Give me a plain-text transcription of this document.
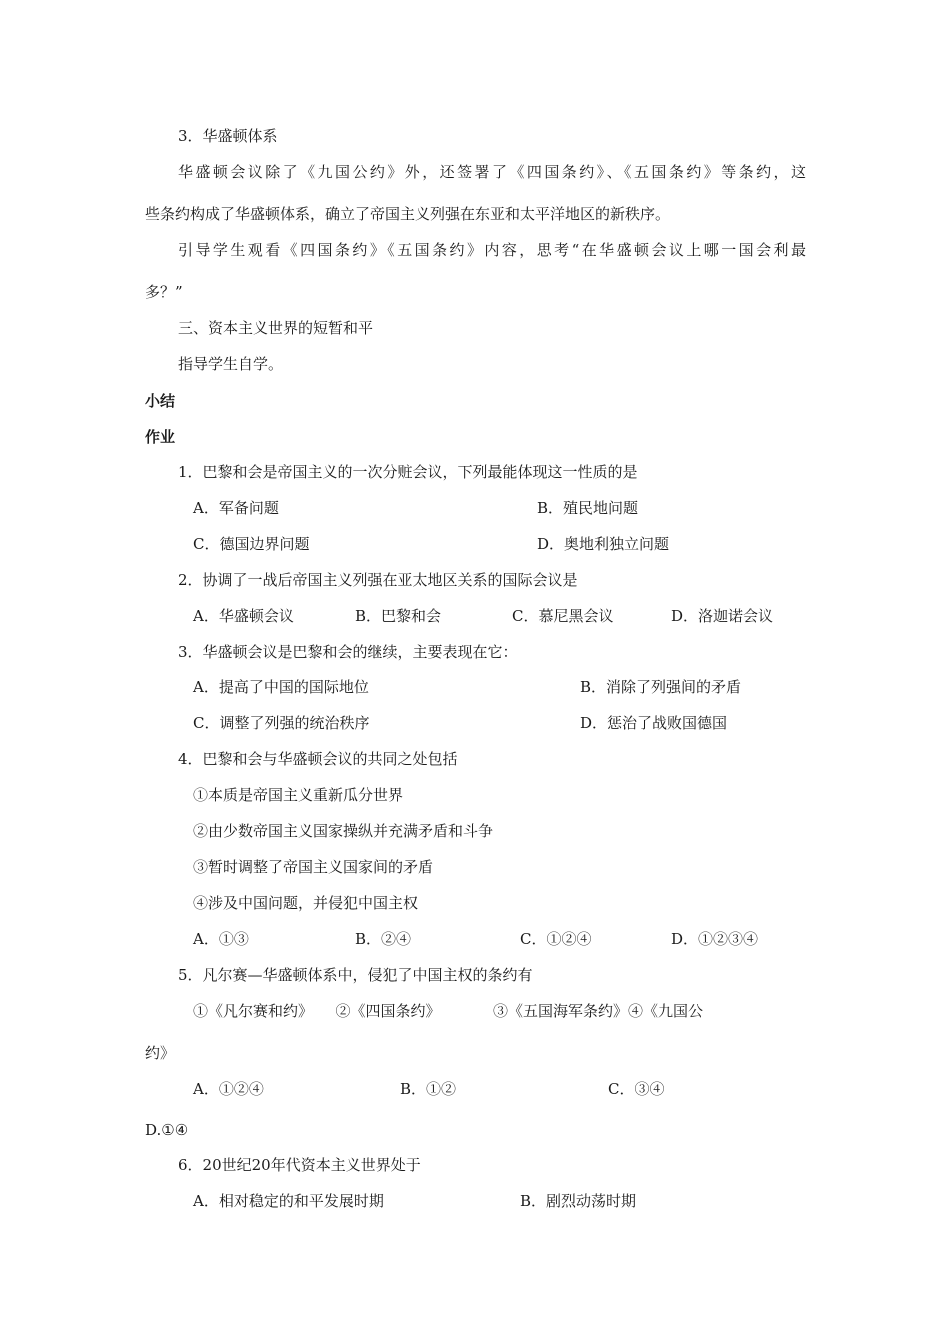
3．华盛顿体系
华盛顿会议除了《九国公约》外，还签署了《四国条约》、《五国条约》等条约，这
些条约构成了华盛顿体系，确立了帝国主义列强在东亚和太平洋地区的新秩序。
引导学生观看《四国条约》《五国条约》内容，思考“在华盛顿会议上哪一国会利最
多？”
三、资本主义世界的短暂和平
指导学生自学。
小结
作业
1．巴黎和会是帝国主义的一次分赃会议，下列最能体现这一性质的是
A．军备问题	B．殖民地问题
C．德国边界问题	D．奥地利独立问题
2．协调了一战后帝国主义列强在亚太地区关系的国际会议是
A．华盛顿会议	B．巴黎和会	C．慕尼黑会议	D．洛迦诺会议
3．华盛顿会议是巴黎和会的继续，主要表现在它：
A．提高了中国的国际地位	B．消除了列强间的矛盾
C．调整了列强的统治秩序	D．惩治了战败国德国
4．巴黎和会与华盛顿会议的共同之处包括
①本质是帝国主义重新瓜分世界
②由少数帝国主义国家操纵并充满矛盾和斗争
③暂时调整了帝国主义国家间的矛盾
④涉及中国问题，并侵犯中国主权
A．①③	B．②④	C．①②④	D．①②③④
5．凡尔赛—华盛顿体系中，侵犯了中国主权的条约有
①《凡尔赛和约》　　②《四国条约》　　　　③《五国海军条约》④《九国公
约》
A．①②④	B．①②	C．③④
D.①④
6．20世纪20年代资本主义世界处于
A．相对稳定的和平发展时期	B．剧烈动荡时期
